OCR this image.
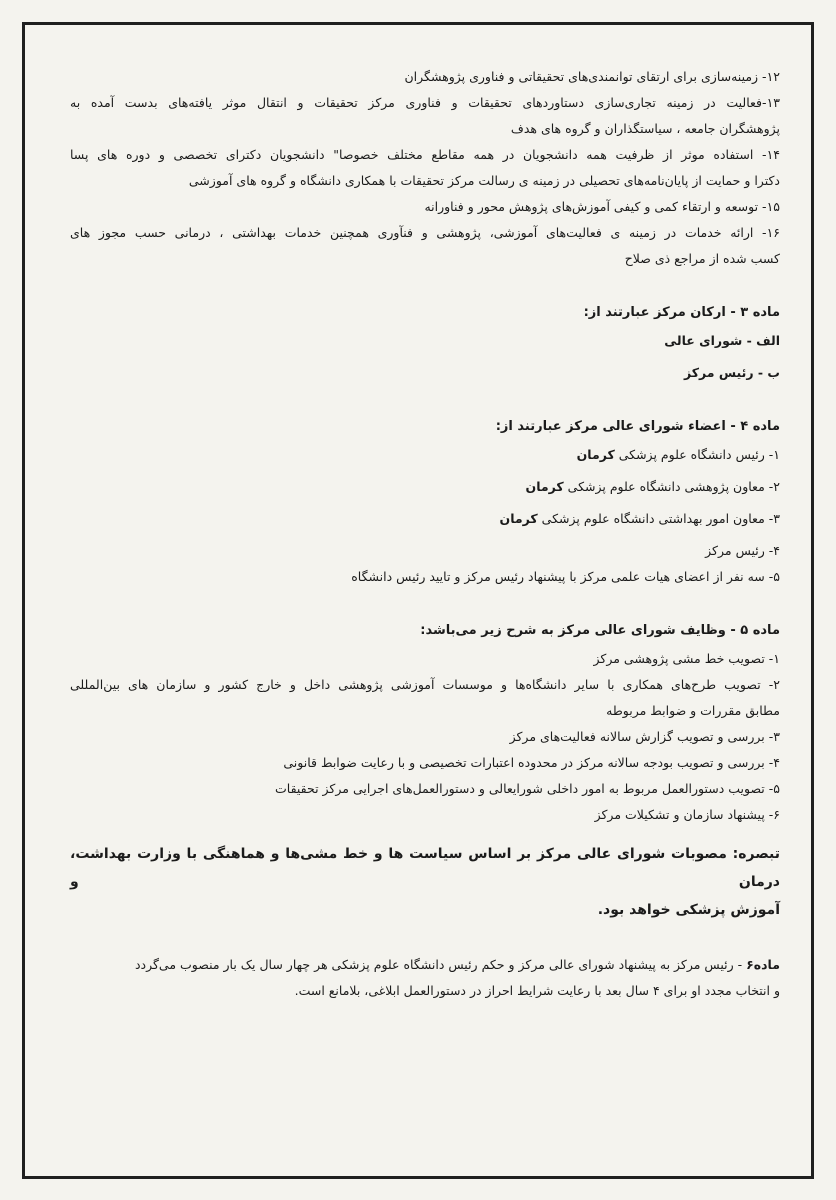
۱۲- زمینه‌سازی برای ارتقای توانمندی‌های تحقیقاتی و فناوری پژوهشگران
۱۳-فعالیت در زمینه تجاری‌سازی دستاوردهای تحقیقات و فناوری مرکز تحقیقات و انتقال موثر یافته‌های بدست آمده به
پژوهشگران جامعه ، سیاستگذاران و گروه های هدف
۱۴- استفاده موثر از ظرفیت همه دانشجویان در همه مقاطع مختلف خصوصا" دانشجویان دکترای تخصصی و دوره های پسا
دکترا و حمایت از پایان‌نامه‌های تحصیلی در زمینه ی رسالت مرکز تحقیقات با همکاری دانشگاه و گروه های آموزشی
۱۵- توسعه و ارتقاء کمی و کیفی آموزش‌های پژوهش محور و فناورانه
۱۶- ارائه خدمات در زمینه ی فعالیت‌های آموزشی، پژوهشی و فنآوری همچنین خدمات بهداشتی ، درمانی حسب مجوز های
کسب شده از مراجع ذی صلاح
ماده ۳ - ارکان مرکز عبارتند از:
الف - شورای عالی
ب - رئیس مرکز
ماده ۴ - اعضاء شورای عالی مرکز عبارتند از:
۱- رئیس دانشگاه علوم پزشکی کرمان
۲- معاون پژوهشی دانشگاه علوم پزشکی کرمان
۳- معاون امور بهداشتی دانشگاه علوم پزشکی کرمان
۴- رئیس مرکز
۵- سه نفر از اعضای هیات علمی مرکز با پیشنهاد رئیس مرکز و تایید رئیس دانشگاه
ماده ۵ - وظایف شورای عالی مرکز به شرح زیر می‌باشد:
۱- تصویب خط مشی پژوهشی مرکز
۲- تصویب طرح‌های همکاری با سایر دانشگاه‌ها و موسسات آموزشی پژوهشی داخل و خارج کشور و سازمان های بین‌المللی
مطابق مقررات و ضوابط مربوطه
۳- بررسی و تصویب گزارش سالانه فعالیت‌های مرکز
۴- بررسی و تصویب بودجه سالانه مرکز در محدوده اعتبارات تخصیصی و با رعایت ضوابط قانونی
۵- تصویب دستورالعمل مربوط به امور داخلی شورایعالی و دستورالعمل‌های اجرایی مرکز تحقیقات
۶- پیشنهاد سازمان و تشکیلات مرکز
تبصره: مصوبات شورای عالی مرکز بر اساس سیاست ها و خط مشی‌ها و هماهنگی با وزارت بهداشت، درمان و
آموزش پزشکی خواهد بود.
ماده۶ - رئیس مرکز به پیشنهاد شورای عالی مرکز و حکم رئیس دانشگاه علوم پزشکی هر چهار سال یک بار منصوب می‌گردد
و انتخاب مجدد او برای ۴ سال بعد با رعایت شرایط احراز در دستورالعمل ابلاغی، بلامانع است.
